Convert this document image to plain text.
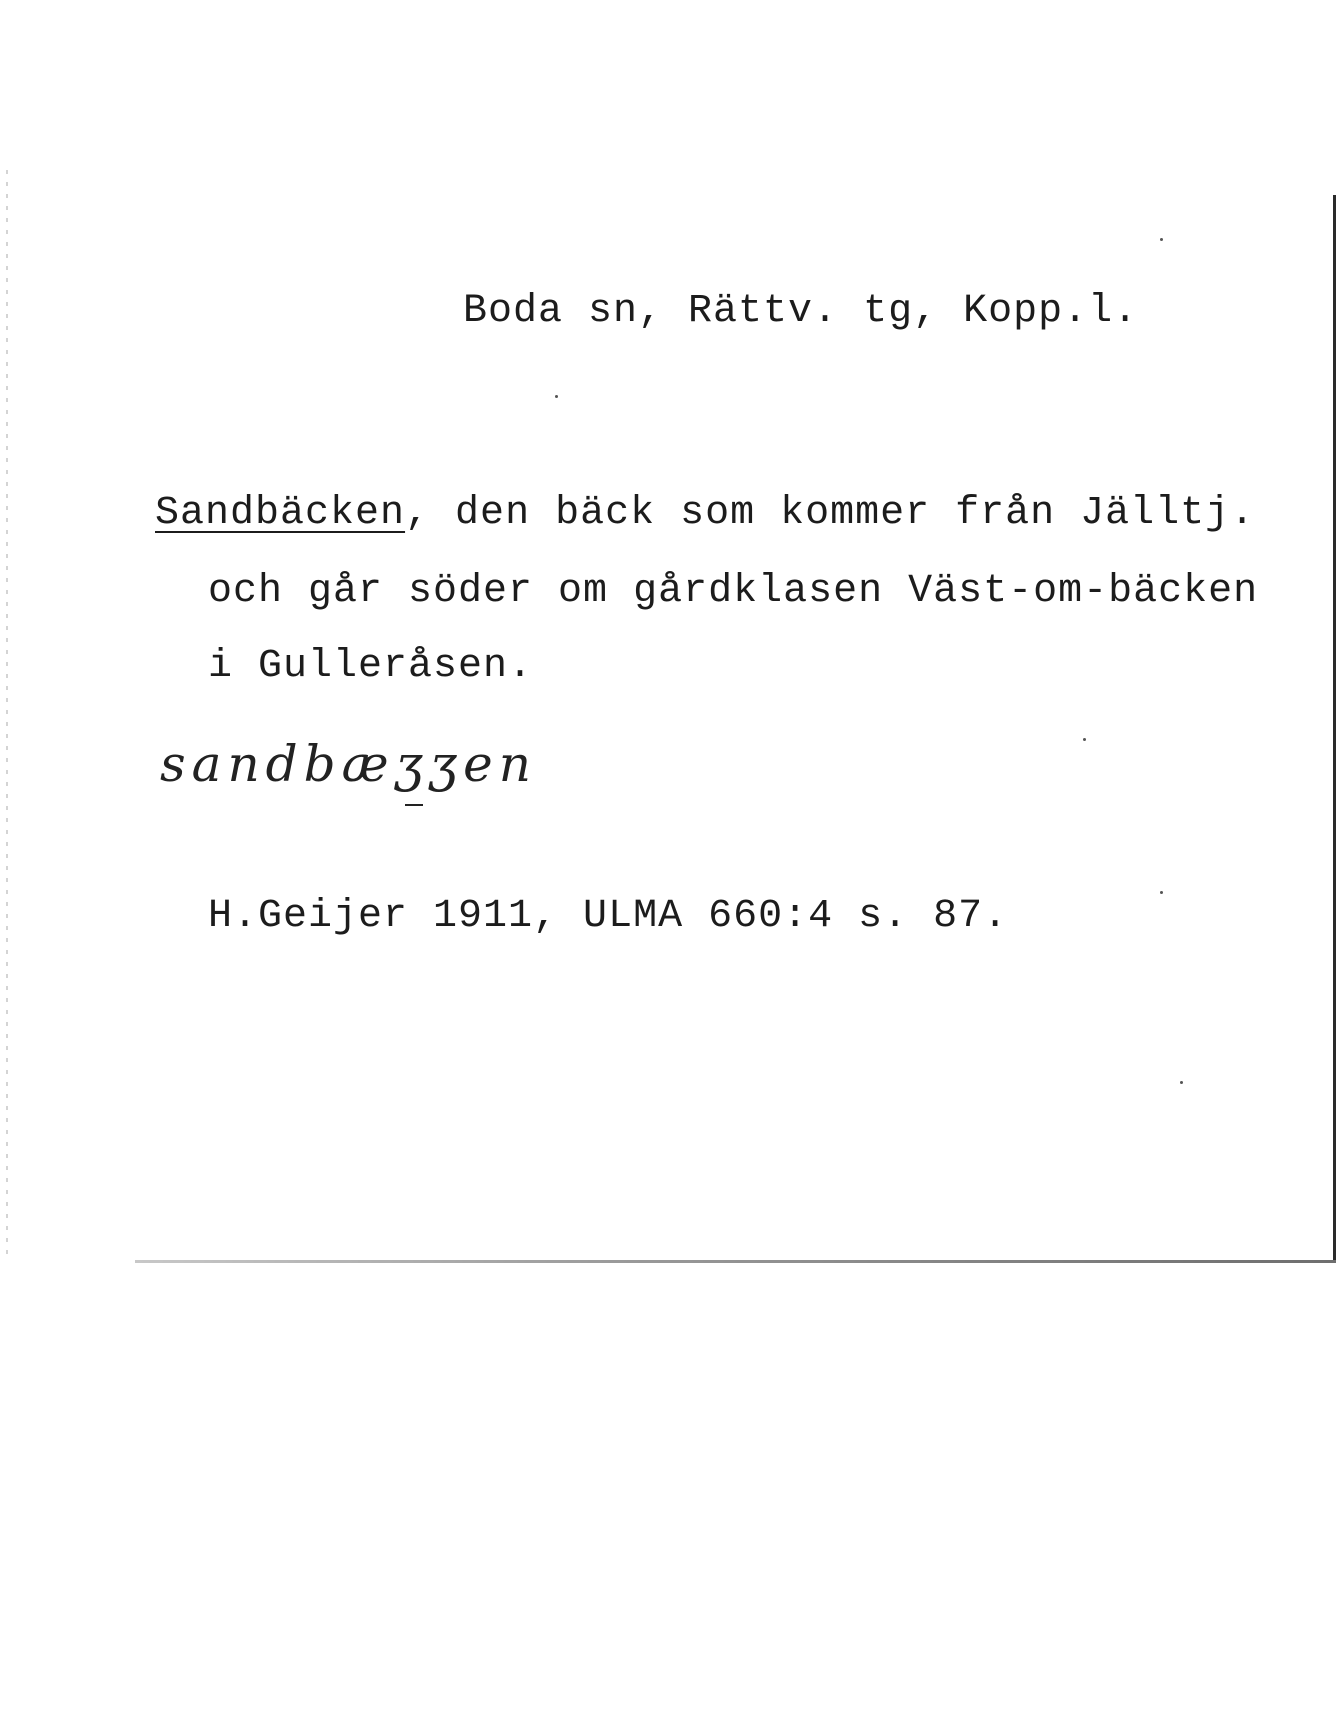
Boda sn, Rättv. tg, Kopp.l.
Sandbäcken, den bäck som kommer från Jälltj.
och går söder om gårdklasen Väst-om-bäcken
i Gulleråsen.
sandbæʒʒen
H.Geijer 1911, ULMA 660:4 s. 87.
